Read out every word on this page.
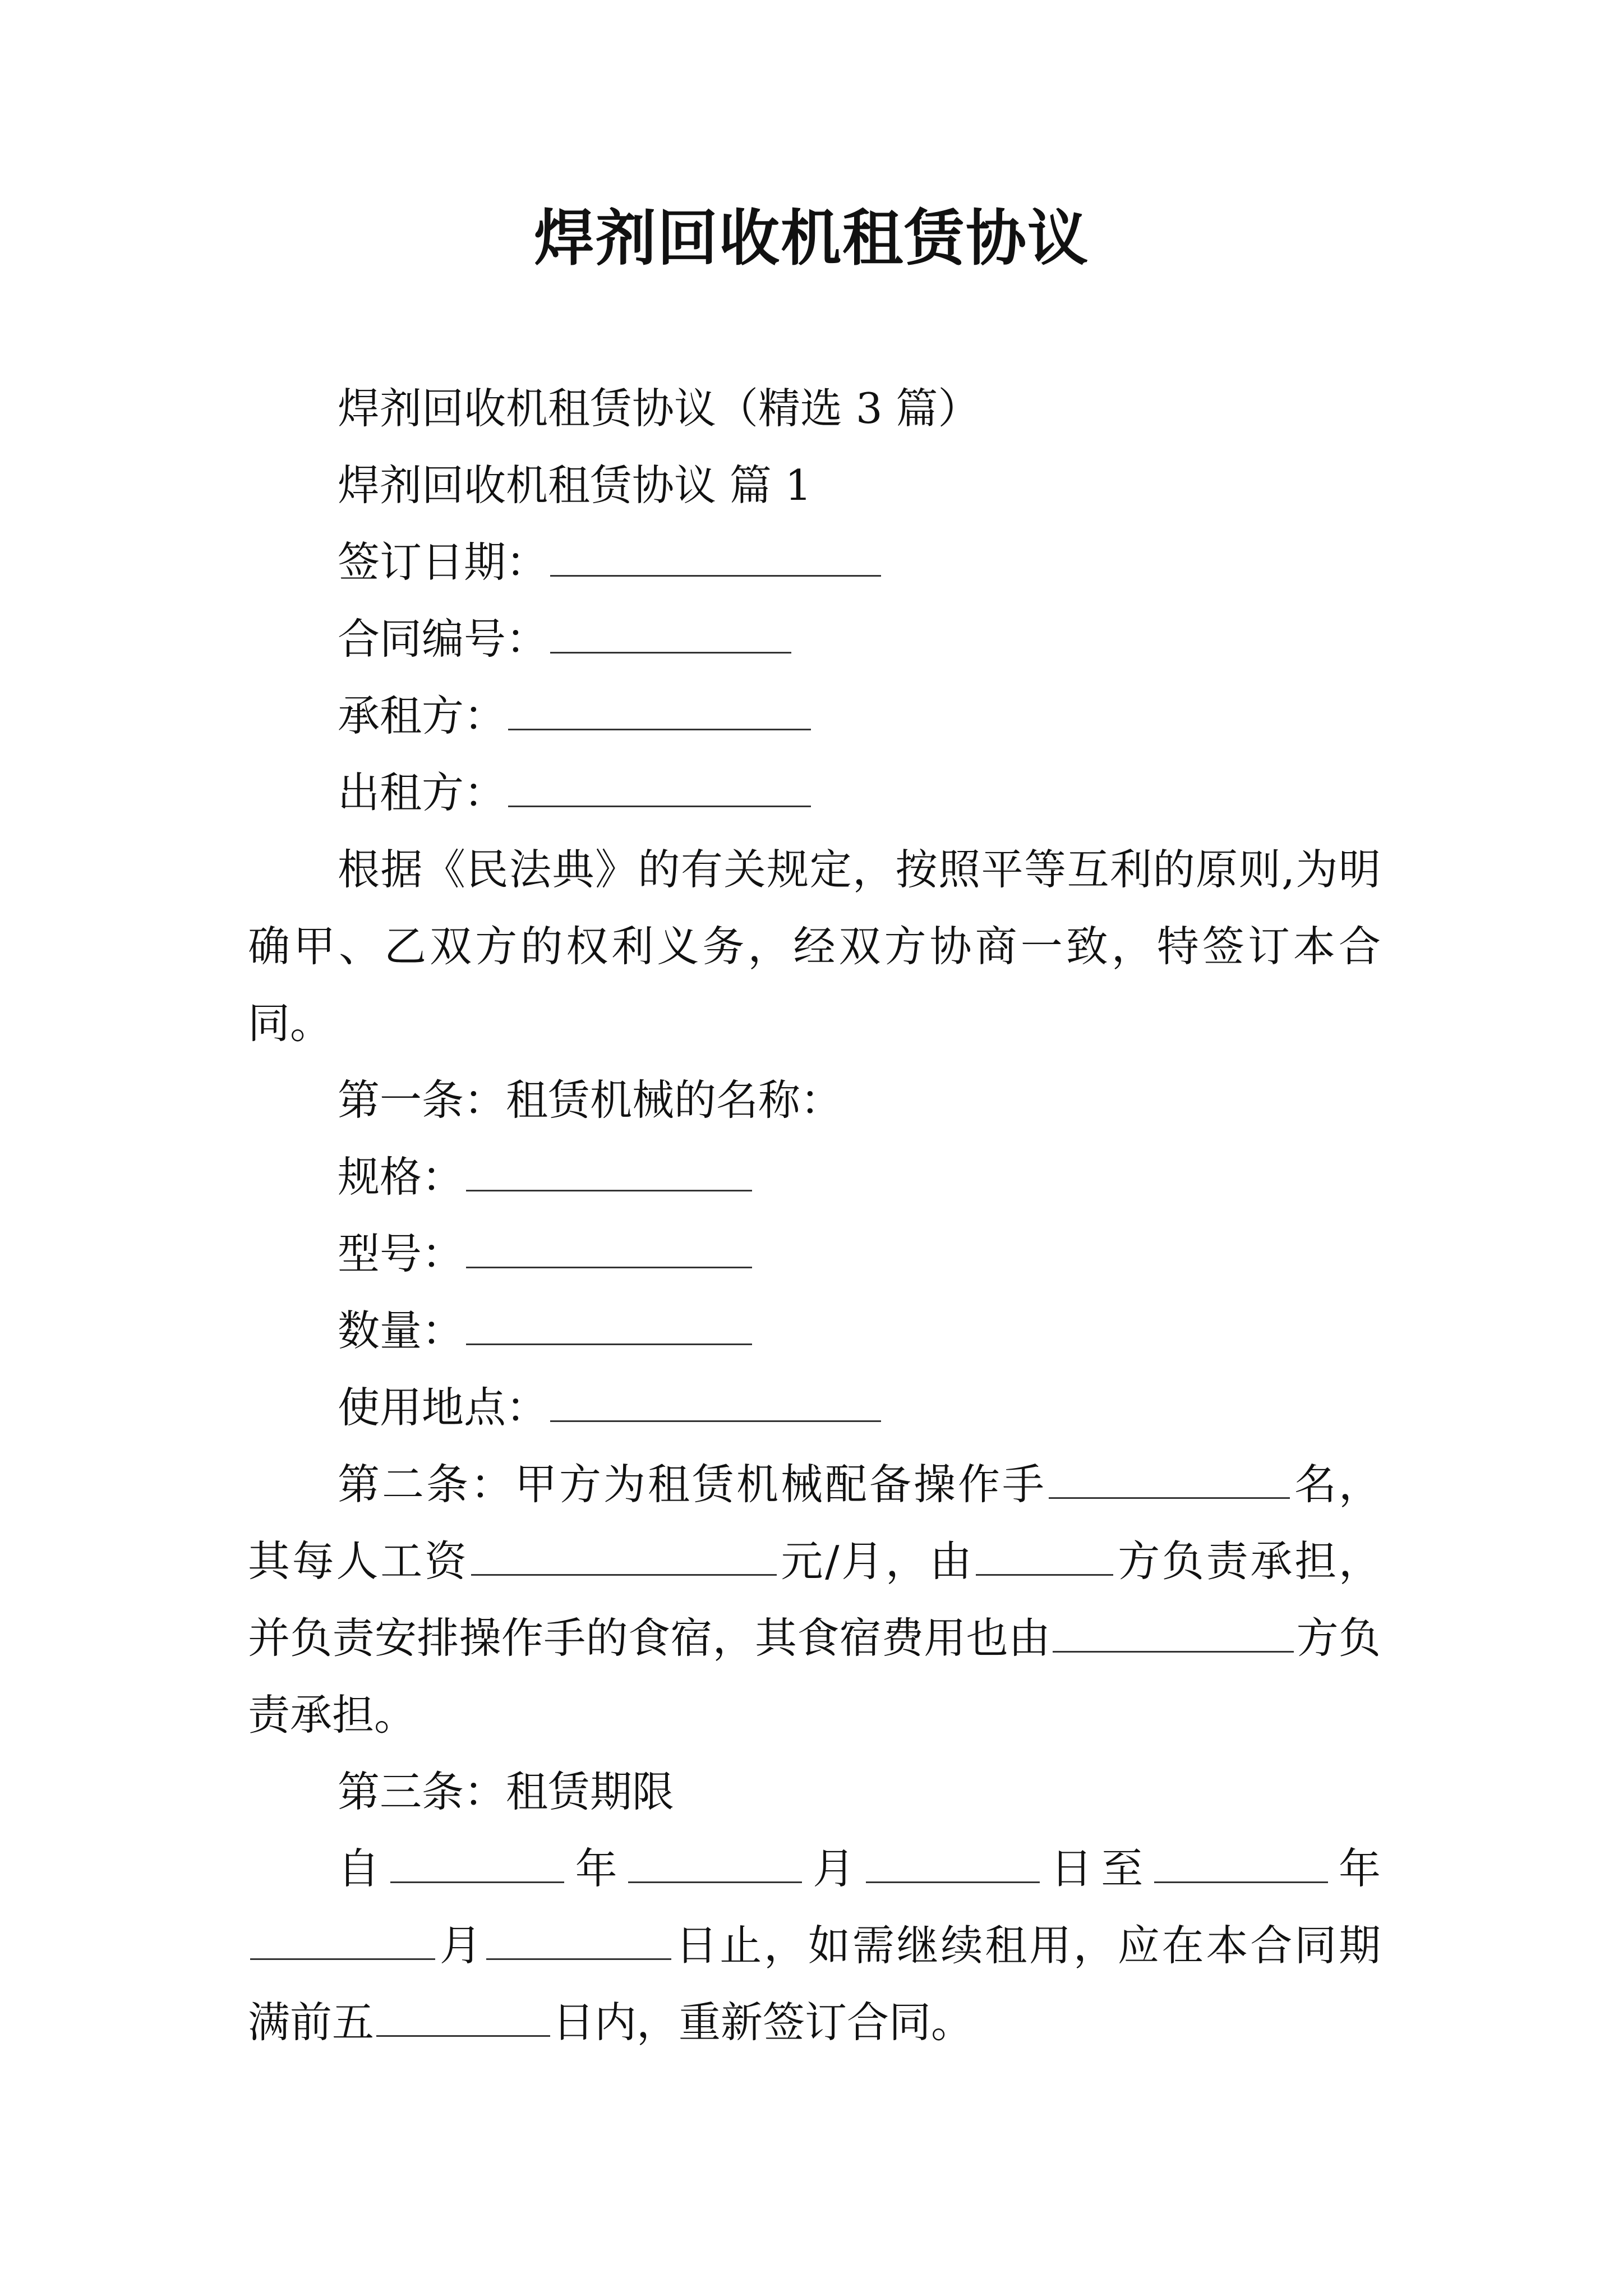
焊剂回收机租赁协议

焊剂回收机租赁协议（精选 3 篇）

焊剂回收机租赁协议 篇 1

签订日期：

合同编号：

承租方：

出租方：

根据《民法典》的有关规定，按照平等互利的原则,为明确甲、乙双方的权利义务，经双方协商一致，特签订本合同。

第一条：租赁机械的名称：

规格：

型号：

数量：

使用地点：

第二条：甲方为租赁机械配备操作手	名，其每人工资	元/月，由	方负责承担，并负责安排操作手的食宿，其食宿费用也由	方负责承担。

第三条：租赁期限

自	年	月	日至	年月	日止，如需继续租用，应在本合同期满前五	日内，重新签订合同。
